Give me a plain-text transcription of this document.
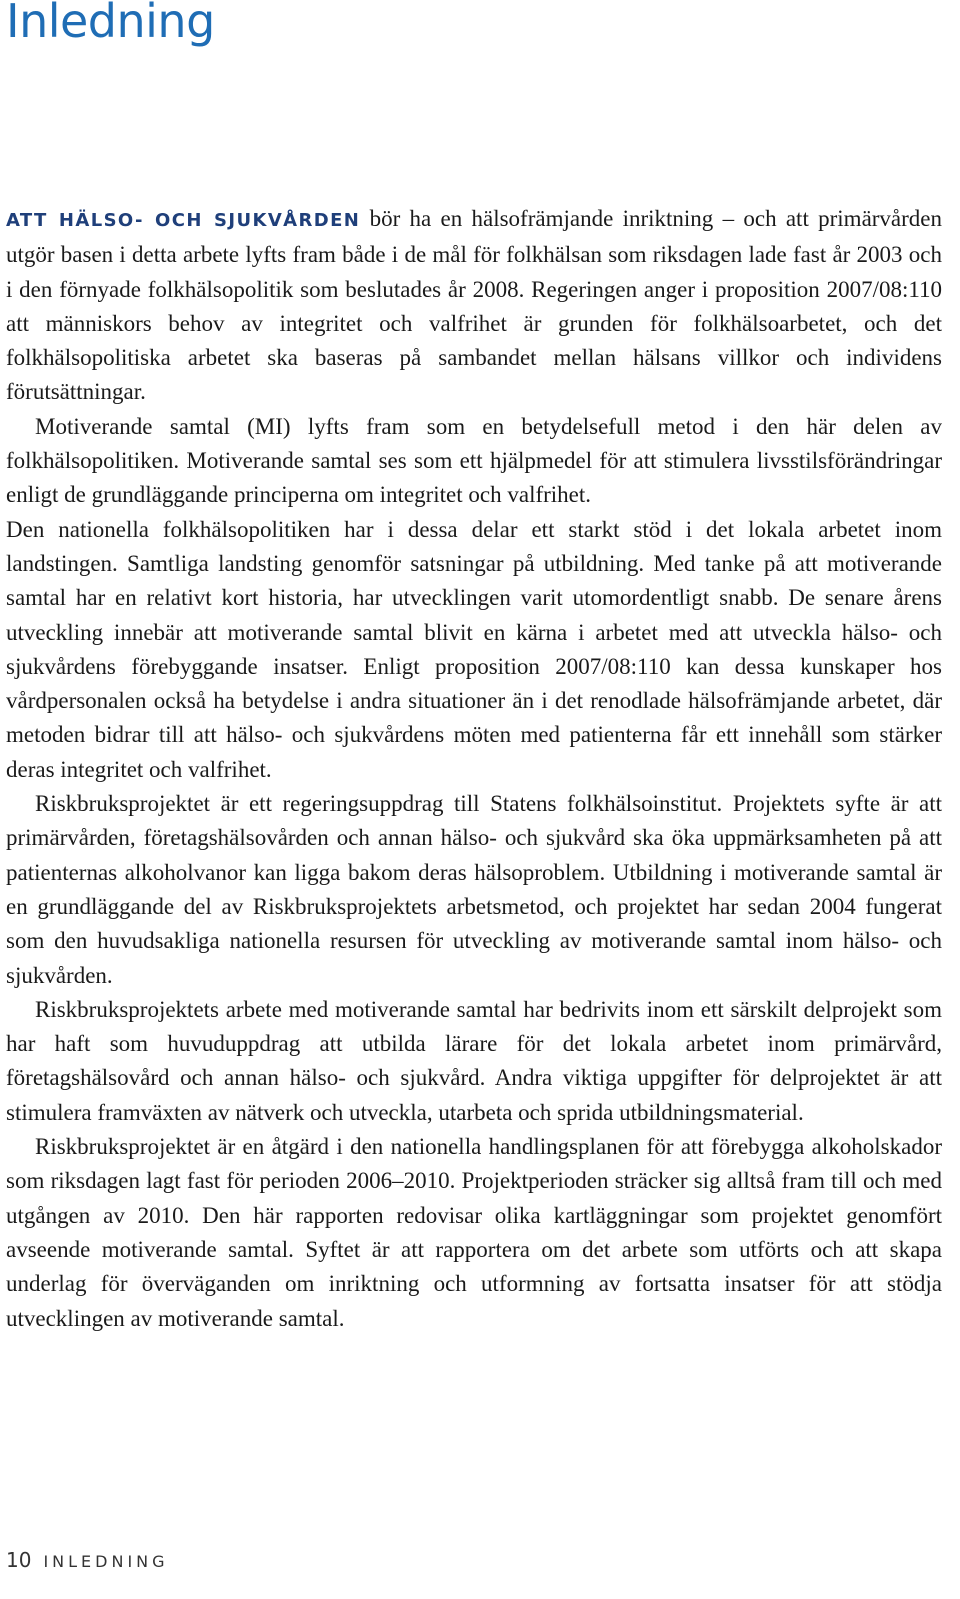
Inledning

ATT HÄLSO- OCH SJUKVÅRDEN bör ha en hälsofrämjande inriktning – och att primärvården utgör basen i detta arbete lyfts fram både i de mål för folkhälsan som riksdagen lade fast år 2003 och i den förnyade folkhälsopolitik som beslutades år 2008. Regeringen anger i proposition 2007/08:110 att människors behov av integritet och valfrihet är grunden för folkhälsoarbetet, och det folkhälsopolitiska arbetet ska baseras på sambandet mellan hälsans villkor och individens förutsättningar.

Motiverande samtal (MI) lyfts fram som en betydelsefull metod i den här delen av folkhälsopolitiken. Motiverande samtal ses som ett hjälpmedel för att stimulera livsstilsförändringar enligt de grundläggande principerna om integritet och valfrihet.

Den nationella folkhälsopolitiken har i dessa delar ett starkt stöd i det lokala arbetet inom landstingen. Samtliga landsting genomför satsningar på utbildning. Med tanke på att motiverande samtal har en relativt kort historia, har utvecklingen varit utomordentligt snabb. De senare årens utveckling innebär att motiverande samtal blivit en kärna i arbetet med att utveckla hälso- och sjukvårdens förebyggande insatser. Enligt proposition 2007/08:110 kan dessa kunskaper hos vårdpersonalen också ha betydelse i andra situationer än i det renodlade hälsofrämjande arbetet, där metoden bidrar till att hälso- och sjukvårdens möten med patienterna får ett innehåll som stärker deras integritet och valfrihet.

Riskbruksprojektet är ett regeringsuppdrag till Statens folkhälsoinstitut. Projektets syfte är att primärvården, företagshälsovården och annan hälso- och sjukvård ska öka uppmärksamheten på att patienternas alkoholvanor kan ligga bakom deras hälsoproblem. Utbildning i motiverande samtal är en grundläggande del av Riskbruksprojektets arbetsmetod, och projektet har sedan 2004 fungerat som den huvudsakliga nationella resursen för utveckling av motiverande samtal inom hälso- och sjukvården.

Riskbruksprojektets arbete med motiverande samtal har bedrivits inom ett särskilt delprojekt som har haft som huvuduppdrag att utbilda lärare för det lokala arbetet inom primärvård, företagshälsovård och annan hälso- och sjukvård. Andra viktiga uppgifter för delprojektet är att stimulera framväxten av nätverk och utveckla, utarbeta och sprida utbildningsmaterial.

Riskbruksprojektet är en åtgärd i den nationella handlingsplanen för att förebygga alkoholskador som riksdagen lagt fast för perioden 2006–2010. Projektperioden sträcker sig alltså fram till och med utgången av 2010. Den här rapporten redovisar olika kartläggningar som projektet genomfört avseende motiverande samtal. Syftet är att rapportera om det arbete som utförts och att skapa underlag för överväganden om inriktning och utformning av fortsatta insatser för att stödja utvecklingen av motiverande samtal.

10 INLEDNING
